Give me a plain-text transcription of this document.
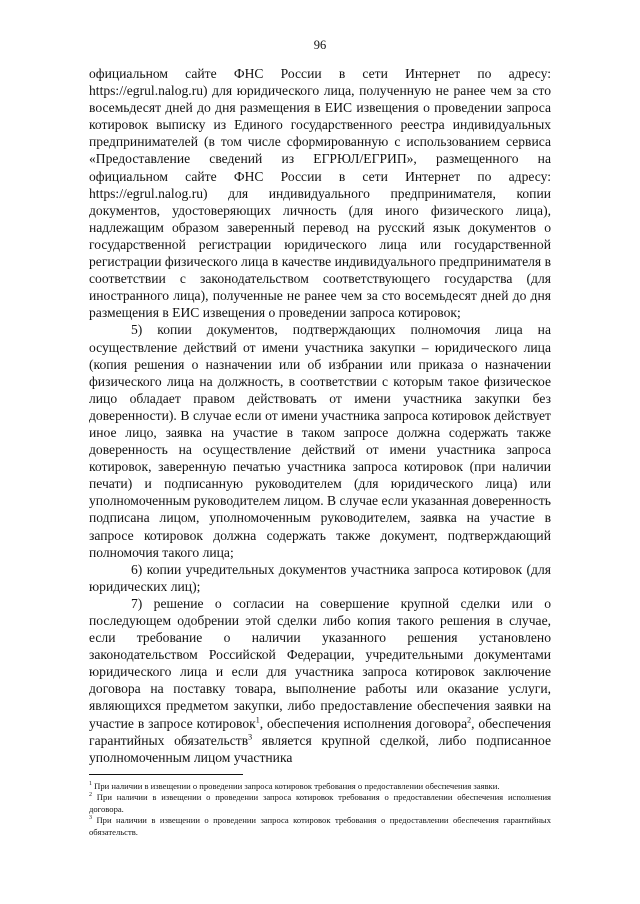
96

официальном сайте ФНС России в сети Интернет по адресу: https://egrul.nalog.ru) для юридического лица, полученную не ранее чем за сто восемьдесят дней до дня размещения в ЕИС извещения о проведении запроса котировок выписку из Единого государственного реестра индивидуальных предпринимателей (в том числе сформированную с использованием сервиса «Предоставление сведений из ЕГРЮЛ/ЕГРИП», размещенного на официальном сайте ФНС России в сети Интернет по адресу: https://egrul.nalog.ru) для индивидуального предпринимателя, копии документов, удостоверяющих личность (для иного физического лица), надлежащим образом заверенный перевод на русский язык документов о государственной регистрации юридического лица или государственной регистрации физического лица в качестве индивидуального предпринимателя в соответствии с законодательством соответствующего государства (для иностранного лица), полученные не ранее чем за сто восемьдесят дней до дня размещения в ЕИС извещения о проведении запроса котировок;

5) копии документов, подтверждающих полномочия лица на осуществление действий от имени участника закупки – юридического лица (копия решения о назначении или об избрании или приказа о назначении физического лица на должность, в соответствии с которым такое физическое лицо обладает правом действовать от имени участника закупки без доверенности). В случае если от имени участника запроса котировок действует иное лицо, заявка на участие в таком запросе должна содержать также доверенность на осуществление действий от имени участника запроса котировок, заверенную печатью участника запроса котировок (при наличии печати) и подписанную руководителем (для юридического лица) или уполномоченным руководителем лицом. В случае если указанная доверенность подписана лицом, уполномоченным руководителем, заявка на участие в запросе котировок должна содержать также документ, подтверждающий полномочия такого лица;

6) копии учредительных документов участника запроса котировок (для юридических лиц);

7) решение о согласии на совершение крупной сделки или о последующем одобрении этой сделки либо копия такого решения в случае, если требование о наличии указанного решения установлено законодательством Российской Федерации, учредительными документами юридического лица и если для участника запроса котировок заключение договора на поставку товара, выполнение работы или оказание услуги, являющихся предметом закупки, либо предоставление обеспечения заявки на участие в запросе котировок$^1$, обеспечения исполнения договора$^2$, обеспечения гарантийных обязательств$^3$ является крупной сделкой, либо подписанное уполномоченным лицом участника

$^1$ При наличии в извещении о проведении запроса котировок требования о предоставлении обеспечения заявки.

$^2$ При наличии в извещении о проведении запроса котировок требования о предоставлении обеспечения исполнения договора.

$^3$ При наличии в извещении о проведении запроса котировок требования о предоставлении обеспечения гарантийных обязательств.
